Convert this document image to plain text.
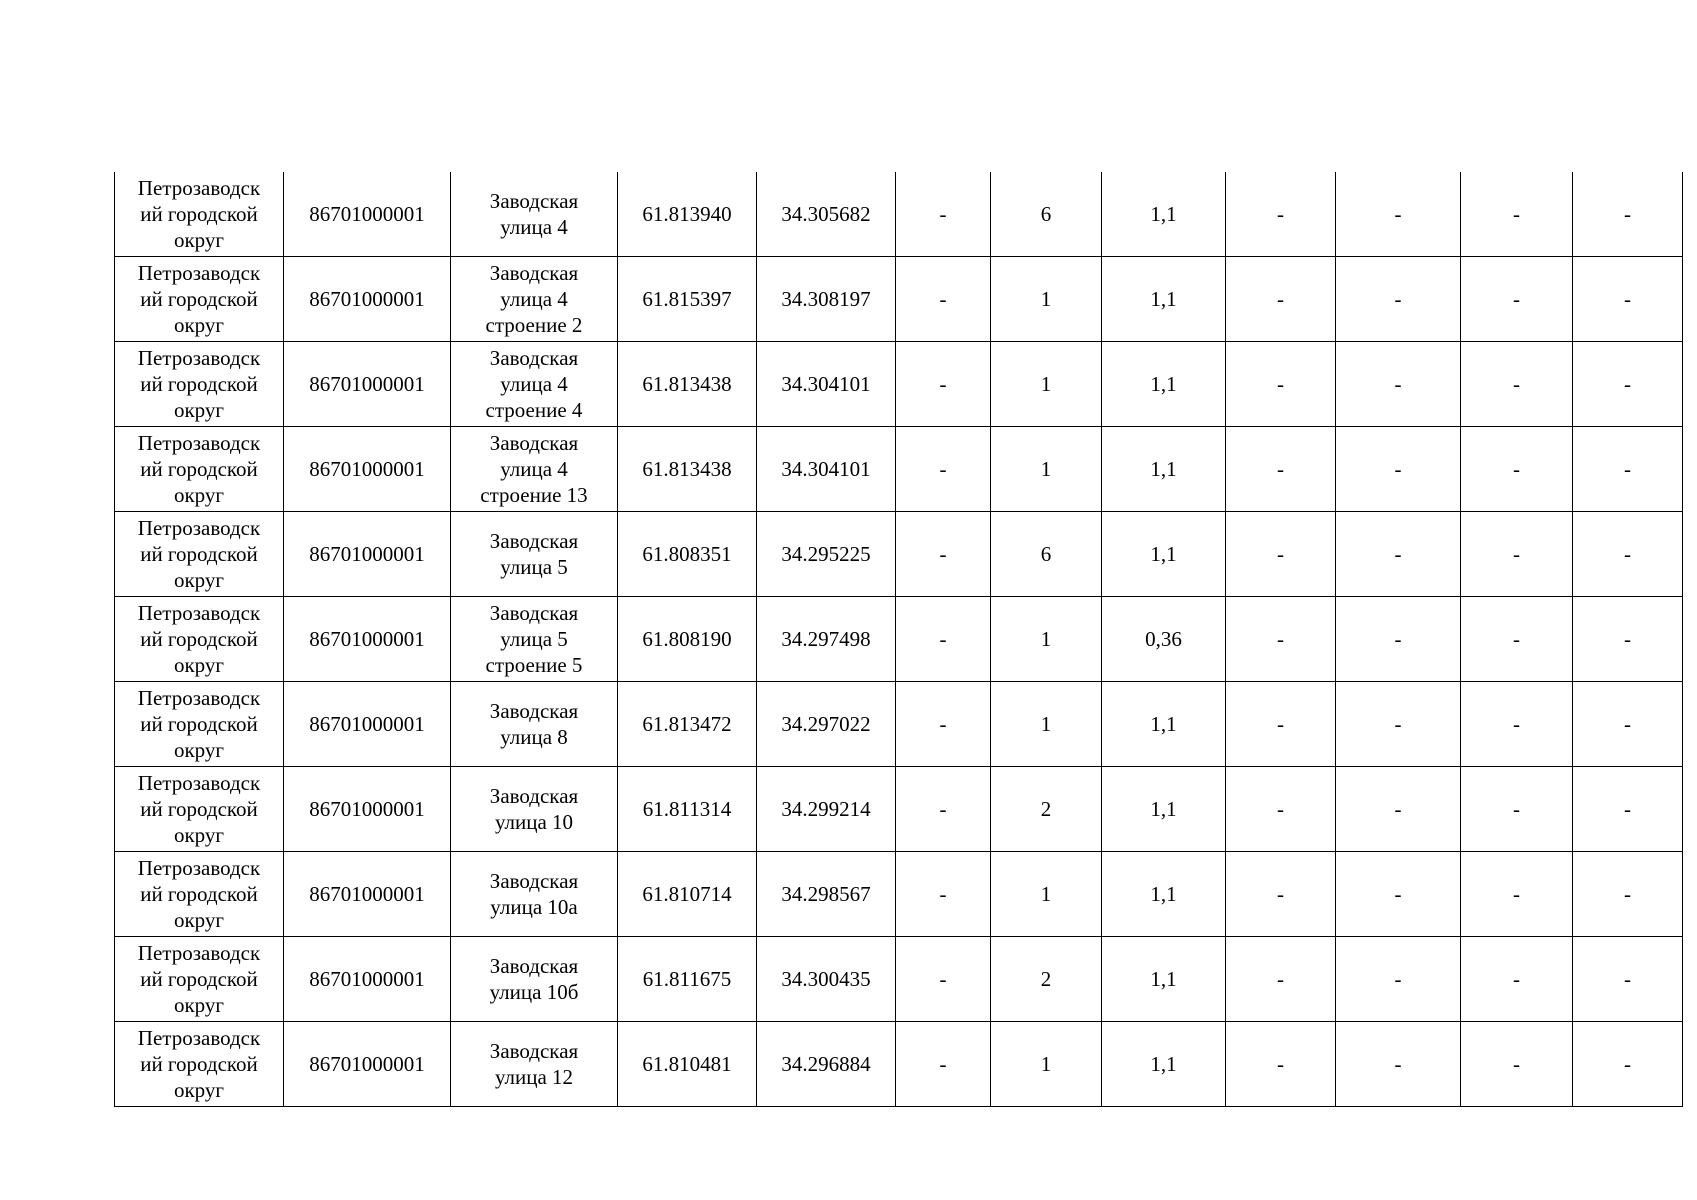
Петрозаводск
ий городской
округ	86701000001	Заводская
улица 4	61.813940	34.305682	-	6	1,1	-	-	-	-

Петрозаводск
ий городской
округ	86701000001	Заводская
улица 4
строение 2	61.815397	34.308197	-	1	1,1	-	-	-	-

Петрозаводск
ий городской
округ	86701000001	Заводская
улица 4
строение 4	61.813438	34.304101	-	1	1,1	-	-	-	-

Петрозаводск
ий городской
округ	86701000001	Заводская
улица 4
строение 13	61.813438	34.304101	-	1	1,1	-	-	-	-

Петрозаводск
ий городской
округ	86701000001	Заводская
улица 5	61.808351	34.295225	-	6	1,1	-	-	-	-

Петрозаводск
ий городской
округ	86701000001	Заводская
улица 5
строение 5	61.808190	34.297498	-	1	0,36	-	-	-	-

Петрозаводск
ий городской
округ	86701000001	Заводская
улица 8	61.813472	34.297022	-	1	1,1	-	-	-	-

Петрозаводск
ий городской
округ	86701000001	Заводская
улица 10	61.811314	34.299214	-	2	1,1	-	-	-	-

Петрозаводск
ий городской
округ	86701000001	Заводская
улица 10а	61.810714	34.298567	-	1	1,1	-	-	-	-

Петрозаводск
ий городской
округ	86701000001	Заводская
улица 10б	61.811675	34.300435	-	2	1,1	-	-	-	-

Петрозаводск
ий городской
округ	86701000001	Заводская
улица 12	61.810481	34.296884	-	1	1,1	-	-	-	-
